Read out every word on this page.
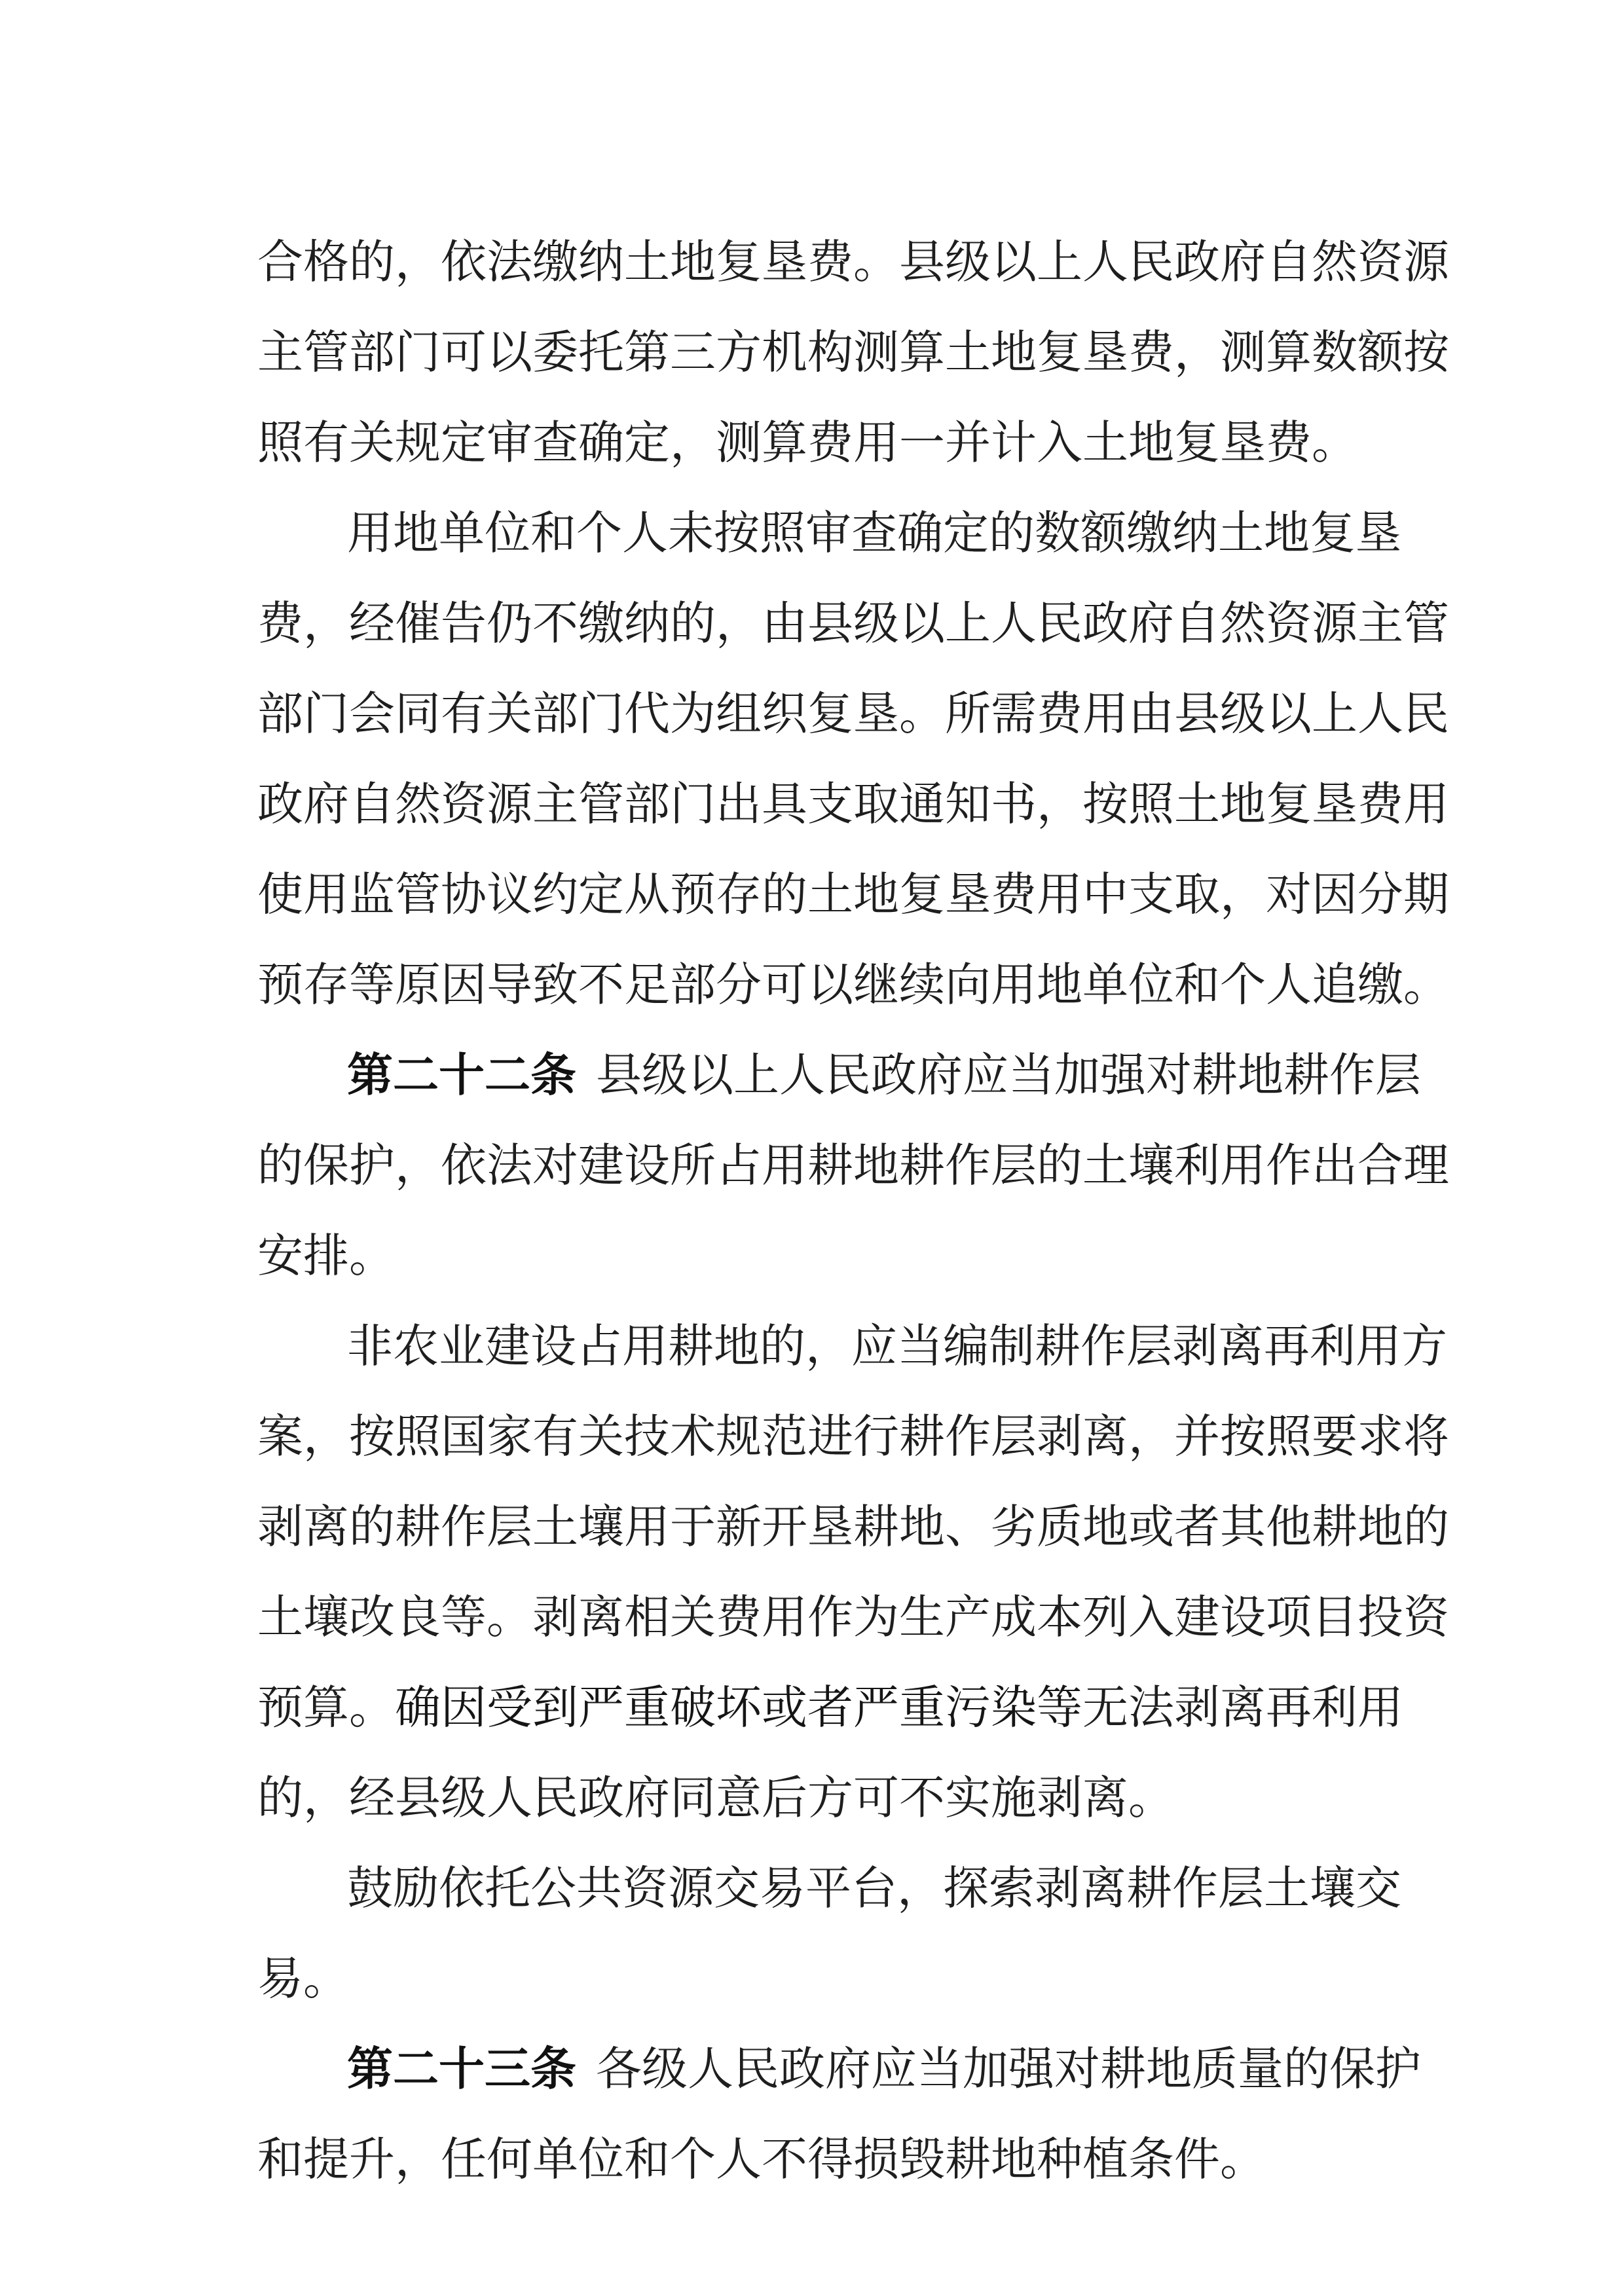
合格的，依法缴纳土地复垦费。县级以上人民政府自然资源
主管部门可以委托第三方机构测算土地复垦费，测算数额按
照有关规定审查确定，测算费用一并计入土地复垦费。
用地单位和个人未按照审查确定的数额缴纳土地复垦
费，经催告仍不缴纳的，由县级以上人民政府自然资源主管
部门会同有关部门代为组织复垦。所需费用由县级以上人民
政府自然资源主管部门出具支取通知书，按照土地复垦费用
使用监管协议约定从预存的土地复垦费用中支取，对因分期
预存等原因导致不足部分可以继续向用地单位和个人追缴。
第二十二条 县级以上人民政府应当加强对耕地耕作层
的保护，依法对建设所占用耕地耕作层的土壤利用作出合理
安排。
非农业建设占用耕地的，应当编制耕作层剥离再利用方
案，按照国家有关技术规范进行耕作层剥离，并按照要求将
剥离的耕作层土壤用于新开垦耕地、劣质地或者其他耕地的
土壤改良等。剥离相关费用作为生产成本列入建设项目投资
预算。 确因受到严重破坏或者严重污染等 无法剥离再利用
的，经县级人民政府同意后方可不实施剥离。
鼓励依托公共资源交易平台，探索剥离耕作层土壤交
易。
第二十三条 各级人民政府应当加强对耕地质量的保护
和提升，任何单位和个人不得损毁耕地种植条件。
